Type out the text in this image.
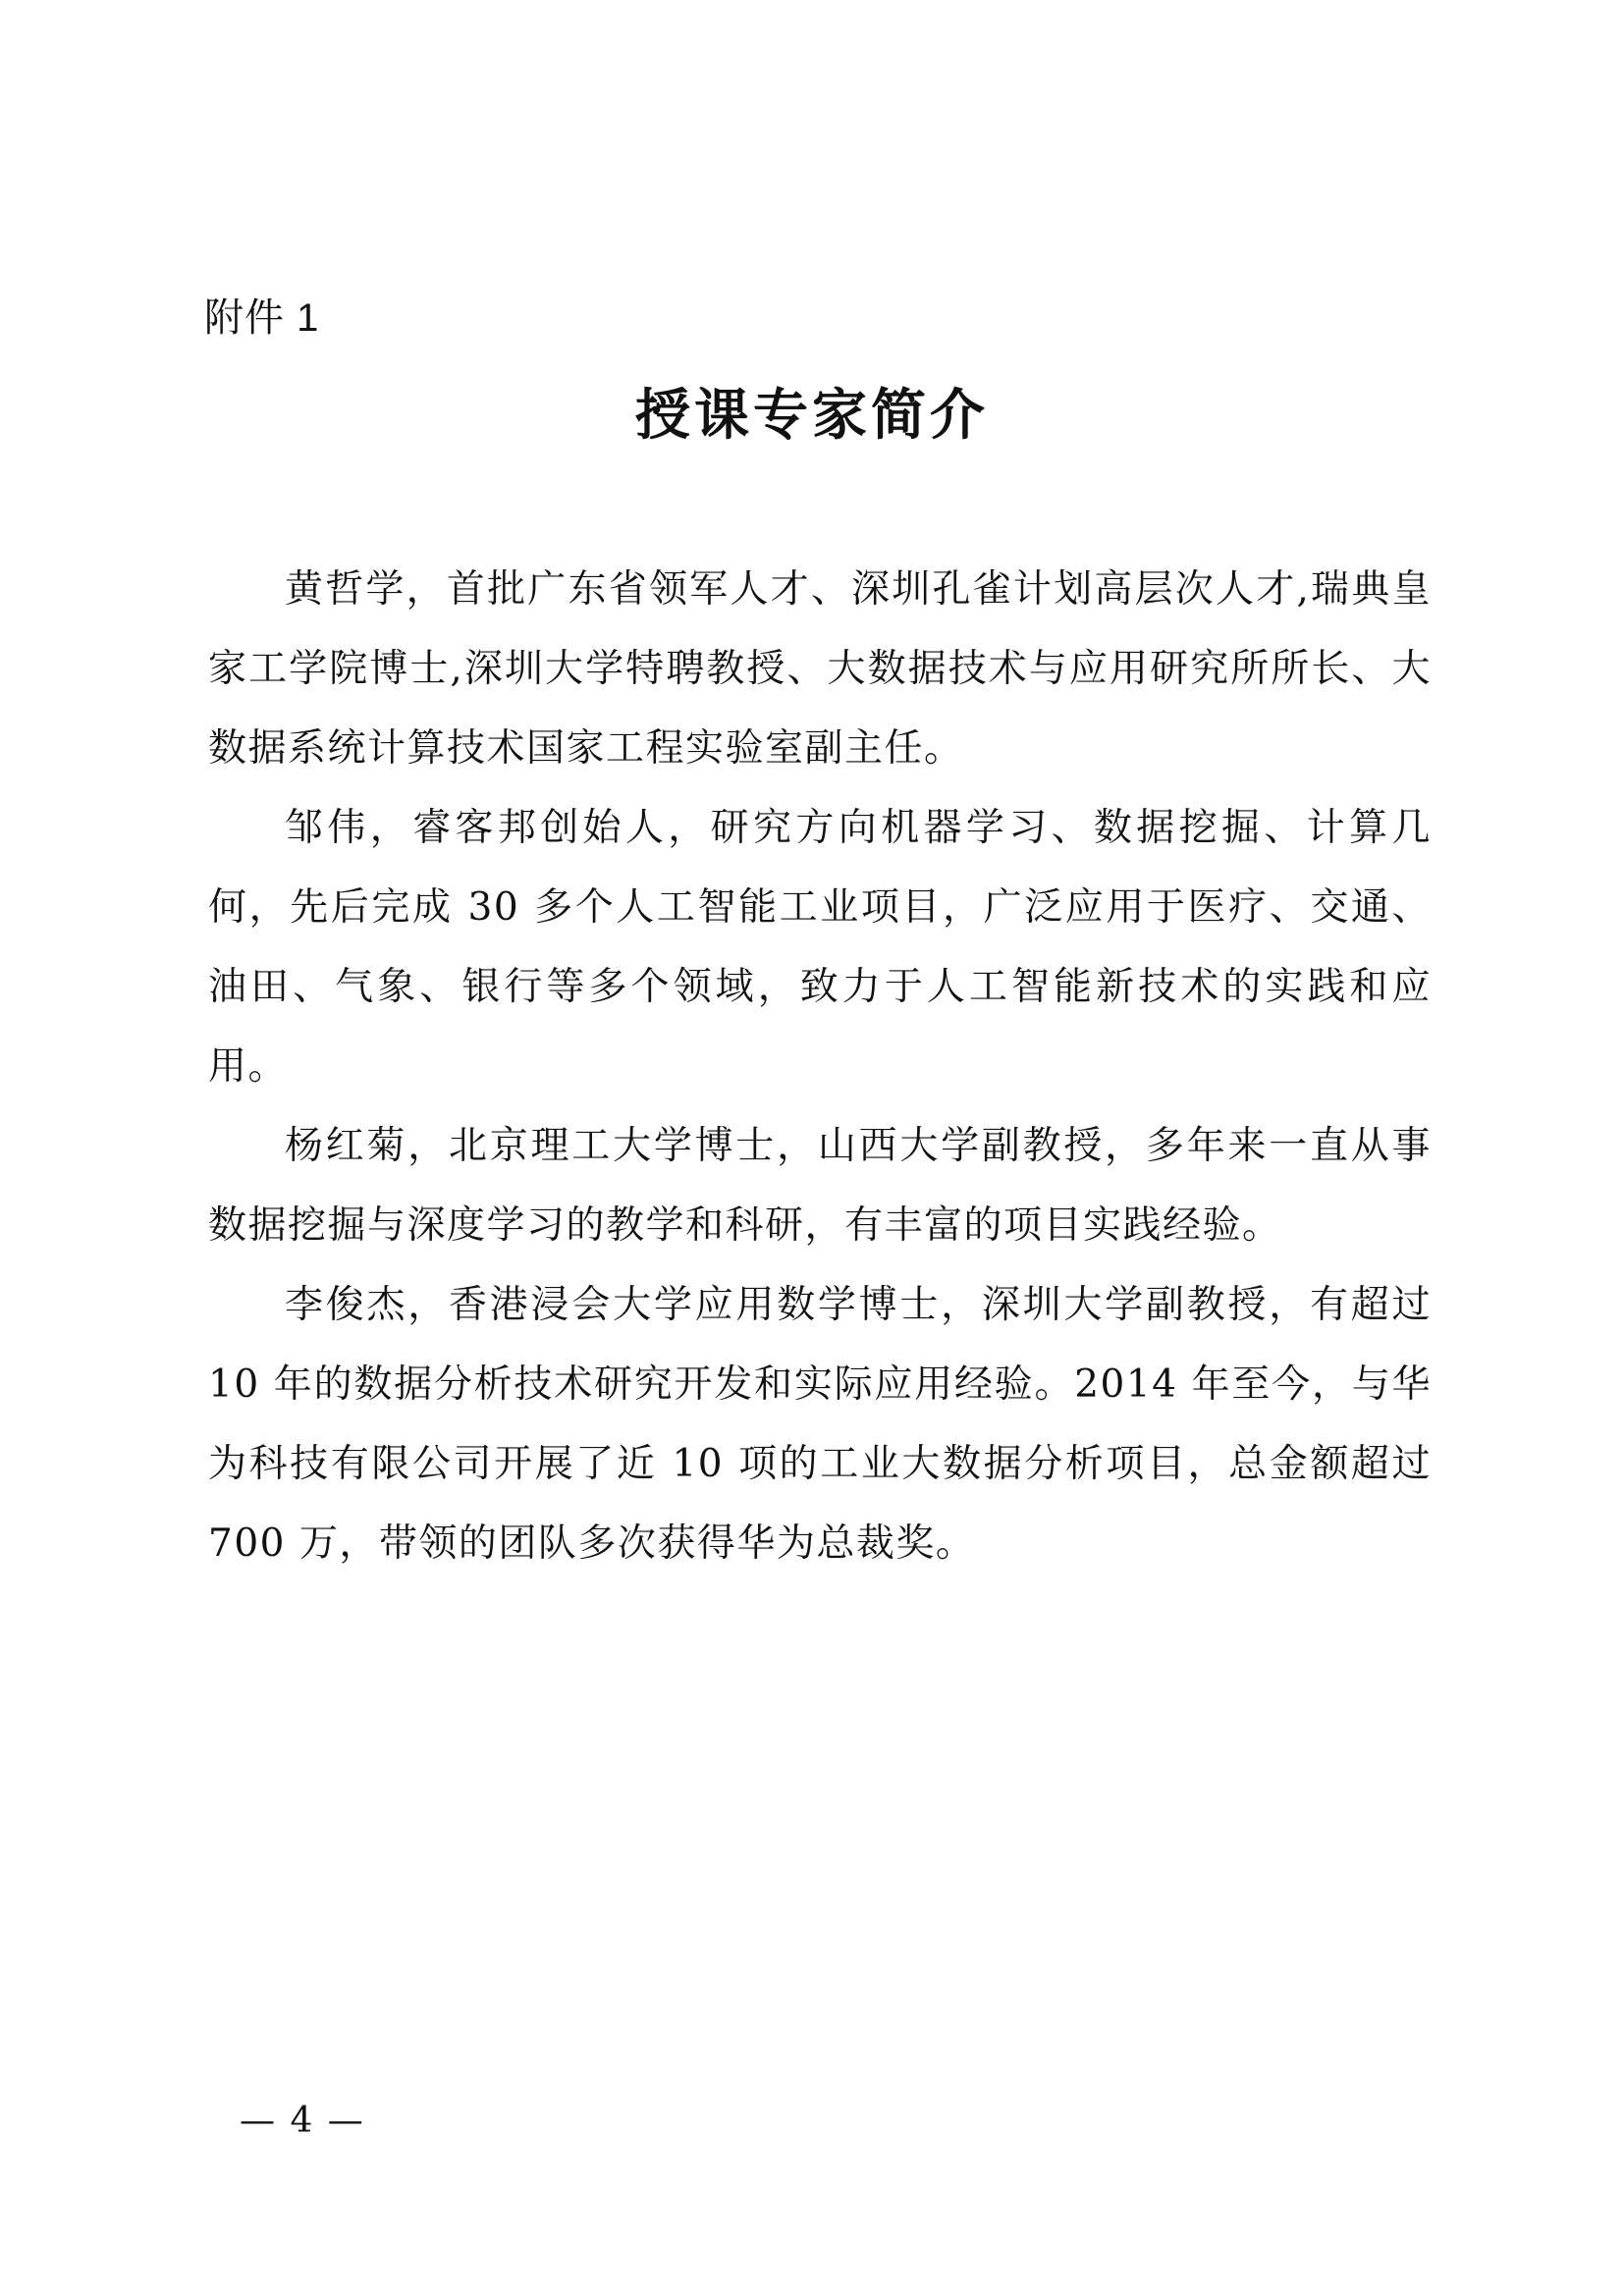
附件 1
授课专家简介

黄哲学，首批广东省领军人才、深圳孔雀计划高层次人才,瑞典皇家工学院博士,深圳大学特聘教授、大数据技术与应用研究所所长、大数据系统计算技术国家工程实验室副主任。

邹伟，睿客邦创始人，研究方向机器学习、数据挖掘、计算几何，先后完成 30 多个人工智能工业项目，广泛应用于医疗、交通、油田、气象、银行等多个领域，致力于人工智能新技术的实践和应用。

杨红菊，北京理工大学博士，山西大学副教授，多年来一直从事数据挖掘与深度学习的教学和科研，有丰富的项目实践经验。

李俊杰，香港浸会大学应用数学博士，深圳大学副教授，有超过 10 年的数据分析技术研究开发和实际应用经验。2014 年至今，与华为科技有限公司开展了近 10 项的工业大数据分析项目，总金额超过 700 万，带领的团队多次获得华为总裁奖。

— 4 —
